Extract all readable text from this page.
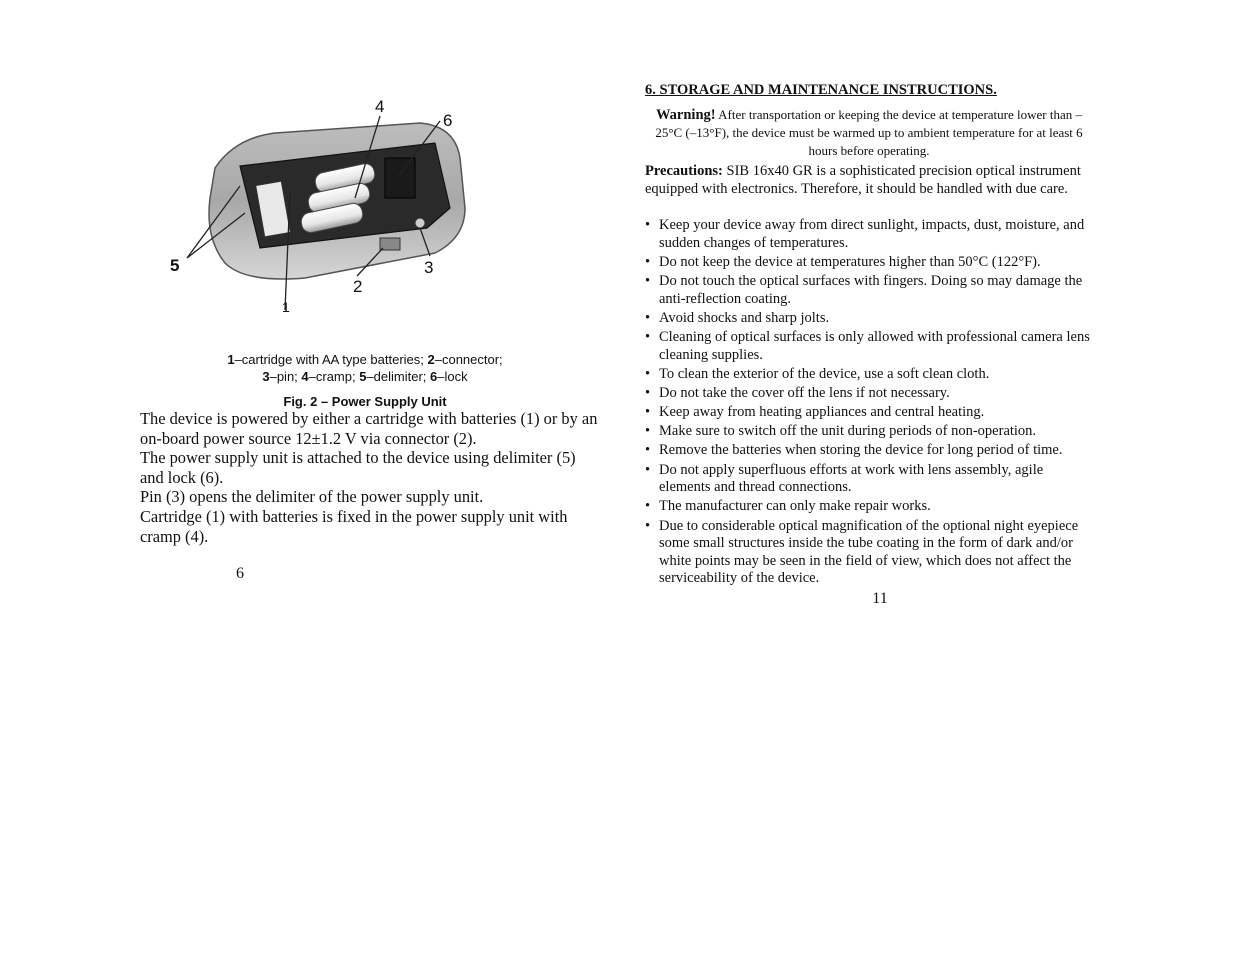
4
6
5
2
3
1
1–cartridge with AA type batteries; 2–connector;
3–pin; 4–cramp; 5–delimiter; 6–lock
Fig. 2 – Power Supply Unit

The device is powered by either a cartridge with batteries (1) or by an on-board power source 12±1.2 V via connector (2).

The power supply unit is attached to the device using delimiter (5) and lock (6).

Pin (3) opens the delimiter of the power supply unit.

Cartridge (1) with batteries is fixed in the power supply unit with cramp (4).

6
6. STORAGE AND MAINTENANCE INSTRUCTIONS.

Warning! After transportation or keeping the device at temperature lower than –25°C (–13°F), the device must be warmed up to ambient temperature for at least 6 hours before operating.

Precautions: SIB 16x40 GR is a sophisticated precision optical instrument equipped with electronics. Therefore, it should be handled with due care.

• Keep your device away from direct sunlight, impacts, dust, moisture, and sudden changes of temperatures.
• Do not keep the device at temperatures higher than 50°C (122°F).
• Do not touch the optical surfaces with fingers. Doing so may damage the anti-reflection coating.
• Avoid shocks and sharp jolts.
• Cleaning of optical surfaces is only allowed with professional camera lens cleaning supplies.
• To clean the exterior of the device, use a soft clean cloth.
• Do not take the cover off the lens if not necessary.
• Keep away from heating appliances and central heating.
• Make sure to switch off the unit during periods of non-operation.
• Remove the batteries when storing the device for long period of time.
• Do not apply superfluous efforts at work with lens assembly, agile elements and thread connections.
• The manufacturer can only make repair works.
• Due to considerable optical magnification of the optional night eyepiece some small structures inside the tube coating in the form of dark and/or white points may be seen in the field of view, which does not affect the serviceability of the device.
11
